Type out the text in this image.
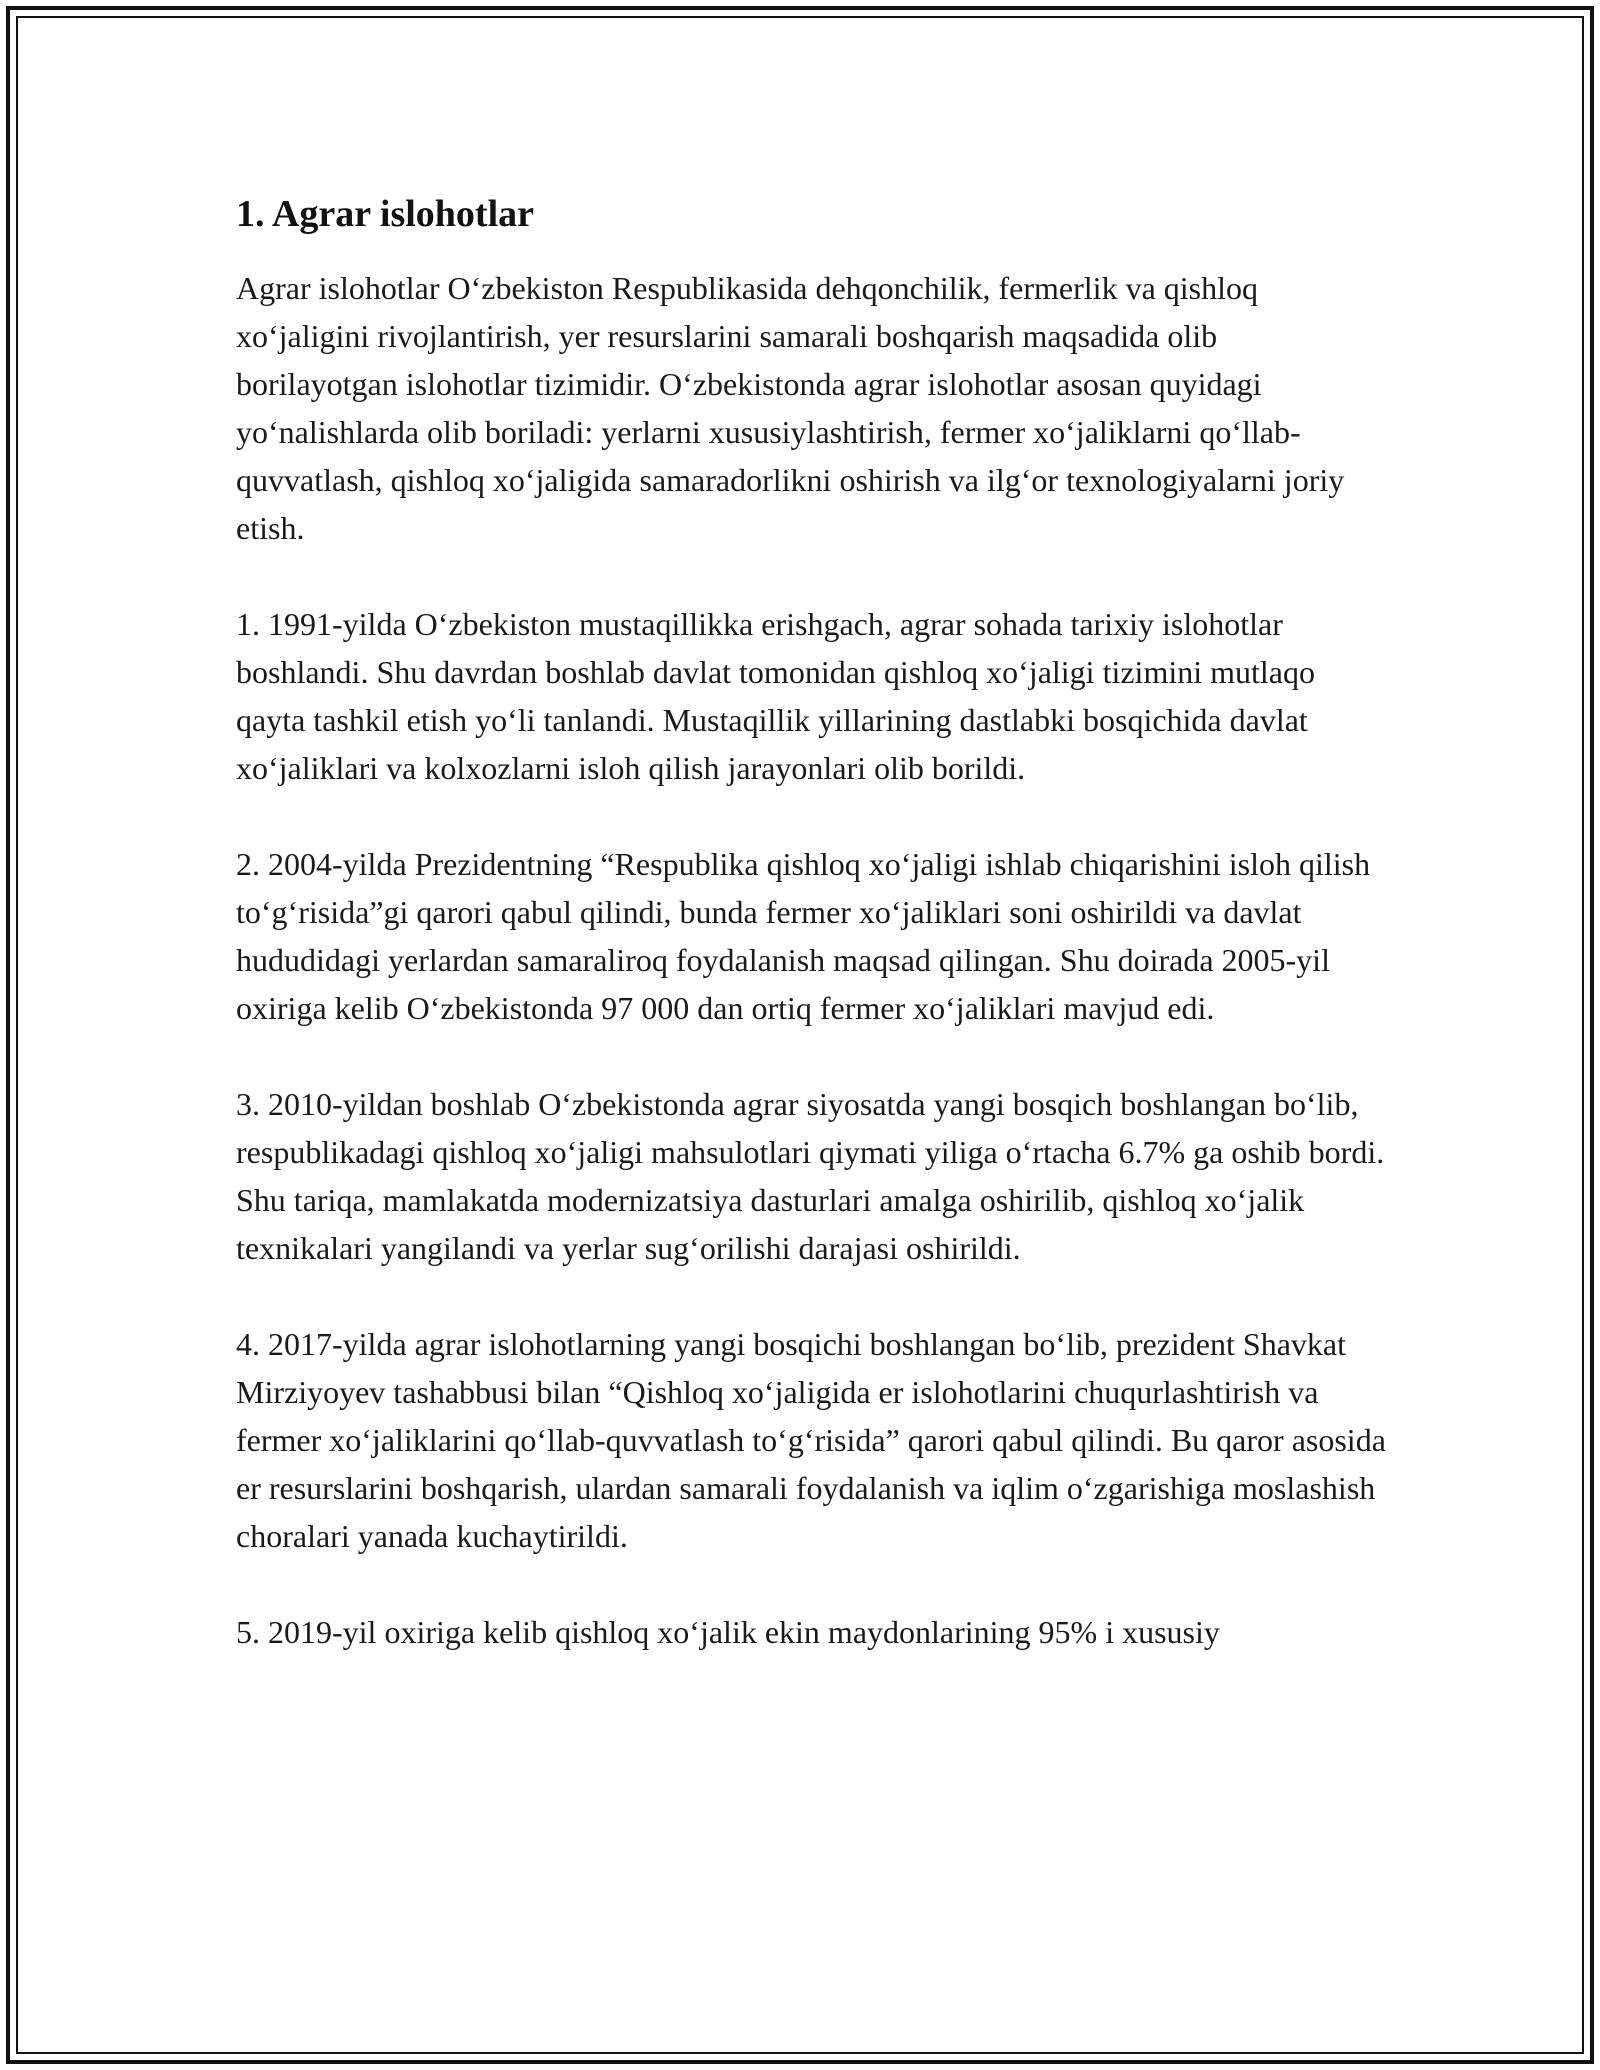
1. Agrar islohotlar

Agrar islohotlar O‘zbekiston Respublikasida dehqonchilik, fermerlik va qishloq xo‘jaligini rivojlantirish, yer resurslarini samarali boshqarish maqsadida olib borilayotgan islohotlar tizimidir. O‘zbekistonda agrar islohotlar asosan quyidagi yo‘nalishlarda olib boriladi: yerlarni xususiylashtirish, fermer xo‘jaliklarni qo‘llab-quvvatlash, qishloq xo‘jaligida samaradorlikni oshirish va ilg‘or texnologiyalarni joriy etish.

1. 1991-yilda O‘zbekiston mustaqillikka erishgach, agrar sohada tarixiy islohotlar boshlandi. Shu davrdan boshlab davlat tomonidan qishloq xo‘jaligi tizimini mutlaqo qayta tashkil etish yo‘li tanlandi. Mustaqillik yillarining dastlabki bosqichida davlat xo‘jaliklari va kolxozlarni isloh qilish jarayonlari olib borildi.

2. 2004-yilda Prezidentning “Respublika qishloq xo‘jaligi ishlab chiqarishini isloh qilish to‘g‘risida”gi qarori qabul qilindi, bunda fermer xo‘jaliklari soni oshirildi va davlat hududidagi yerlardan samaraliroq foydalanish maqsad qilingan. Shu doirada 2005-yil oxiriga kelib O‘zbekistonda 97 000 dan ortiq fermer xo‘jaliklari mavjud edi.

3. 2010-yildan boshlab O‘zbekistonda agrar siyosatda yangi bosqich boshlangan bo‘lib, respublikadagi qishloq xo‘jaligi mahsulotlari qiymati yiliga o‘rtacha 6.7% ga oshib bordi. Shu tariqa, mamlakatda modernizatsiya dasturlari amalga oshirilib, qishloq xo‘jalik texnikalari yangilandi va yerlar sug‘orilishi darajasi oshirildi.

4. 2017-yilda agrar islohotlarning yangi bosqichi boshlangan bo‘lib, prezident Shavkat Mirziyoyev tashabbusi bilan “Qishloq xo‘jaligida er islohotlarini chuqurlashtirish va fermer xo‘jaliklarini qo‘llab-quvvatlash to‘g‘risida” qarori qabul qilindi. Bu qaror asosida er resurslarini boshqarish, ulardan samarali foydalanish va iqlim o‘zgarishiga moslashish choralari yanada kuchaytirildi.

5. 2019-yil oxiriga kelib qishloq xo‘jalik ekin maydonlarining 95% i xususiy
